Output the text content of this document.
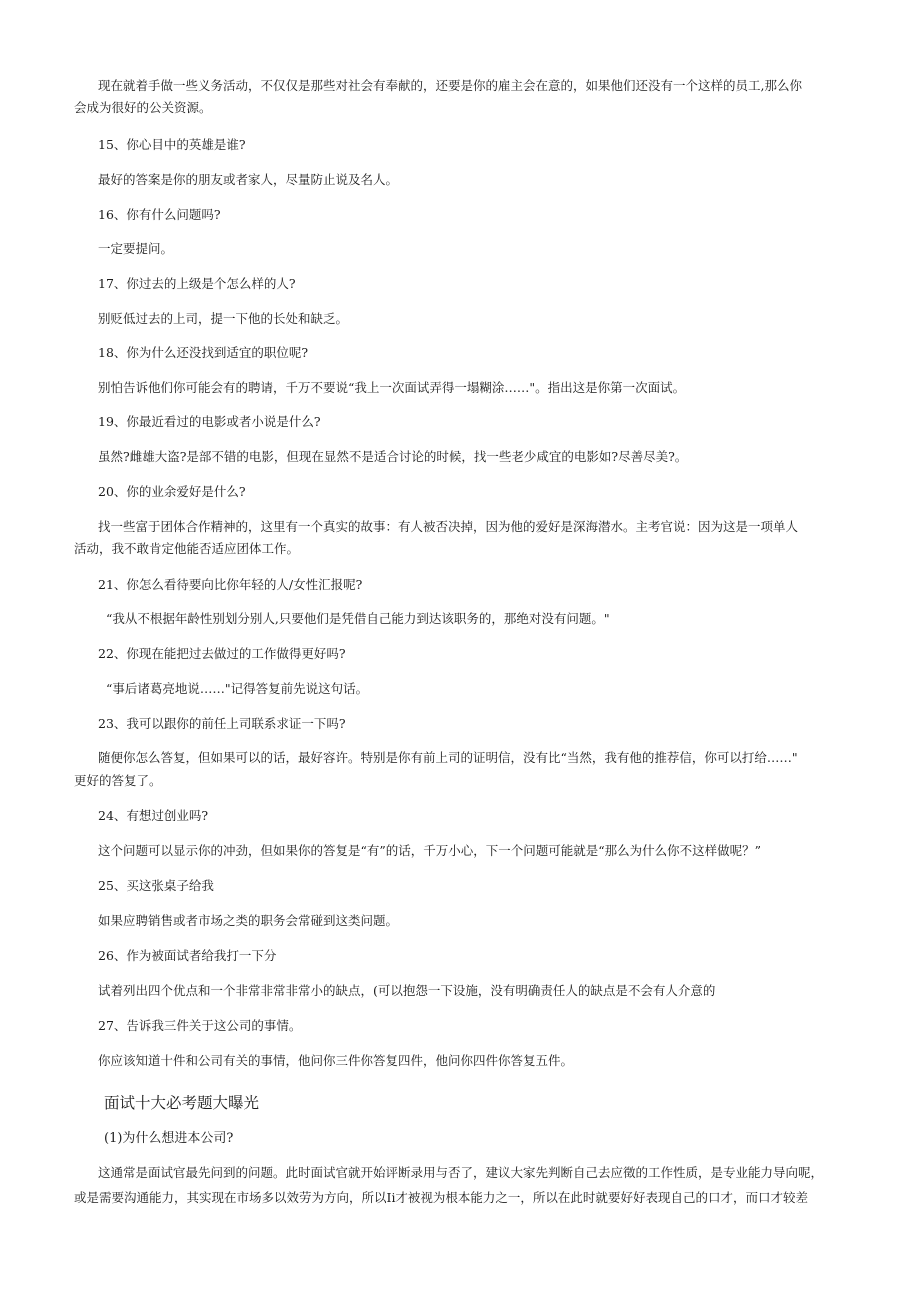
现在就着手做一些义务活动，不仅仅是那些对社会有奉献的，还要是你的雇主会在意的，如果他们还没有一个这样的员工,那么你
会成为很好的公关资源。
15、你心目中的英雄是谁?
最好的答案是你的朋友或者家人，尽量防止说及名人。
16、你有什么问题吗?
一定要提问。
17、你过去的上级是个怎么样的人?
别贬低过去的上司，提一下他的长处和缺乏。
18、你为什么还没找到适宜的职位呢?
别怕告诉他们你可能会有的聘请，千万不要说“我上一次面试弄得一塌糊涂……"。指出这是你第一次面试。
19、你最近看过的电影或者小说是什么?
虽然?雌雄大盗?是部不错的电影，但现在显然不是适合讨论的时候，找一些老少咸宜的电影如?尽善尽美?。
20、你的业余爱好是什么?
找一些富于团体合作精神的，这里有一个真实的故事：有人被否决掉，因为他的爱好是深海潜水。主考官说：因为这是一项单人
活动，我不敢肯定他能否适应团体工作。
21、你怎么看待要向比你年轻的人/女性汇报呢?
“我从不根据年龄性别划分别人,只要他们是凭借自己能力到达该职务的，那绝对没有问题。"
22、你现在能把过去做过的工作做得更好吗?
“事后诸葛亮地说……"记得答复前先说这句话。
23、我可以跟你的前任上司联系求证一下吗?
随便你怎么答复，但如果可以的话，最好容许。特别是你有前上司的证明信，没有比“当然，我有他的推荐信，你可以打给……"
更好的答复了。
24、有想过创业吗?
这个问题可以显示你的冲劲，但如果你的答复是“有”的话，千万小心，下一个问题可能就是“那么为什么你不这样做呢？”
25、买这张桌子给我
如果应聘销售或者市场之类的职务会常碰到这类问题。
26、作为被面试者给我打一下分
试着列出四个优点和一个非常非常非常小的缺点，(可以抱怨一下设施，没有明确责任人的缺点是不会有人介意的
27、告诉我三件关于这公司的事情。
你应该知道十件和公司有关的事情，他问你三件你答复四件，他问你四件你答复五件。
面试十大必考题大曝光
(1)为什么想进本公司?
这通常是面试官最先问到的问题。此时面试官就开始评断录用与否了，建议大家先判断自己去应徵的工作性质，是专业能力导向呢，
或是需要沟通能力，其实现在市场多以效劳为方向，所以Ii才被视为根本能力之一，所以在此时就要好好表现自己的口才，而口才较差
